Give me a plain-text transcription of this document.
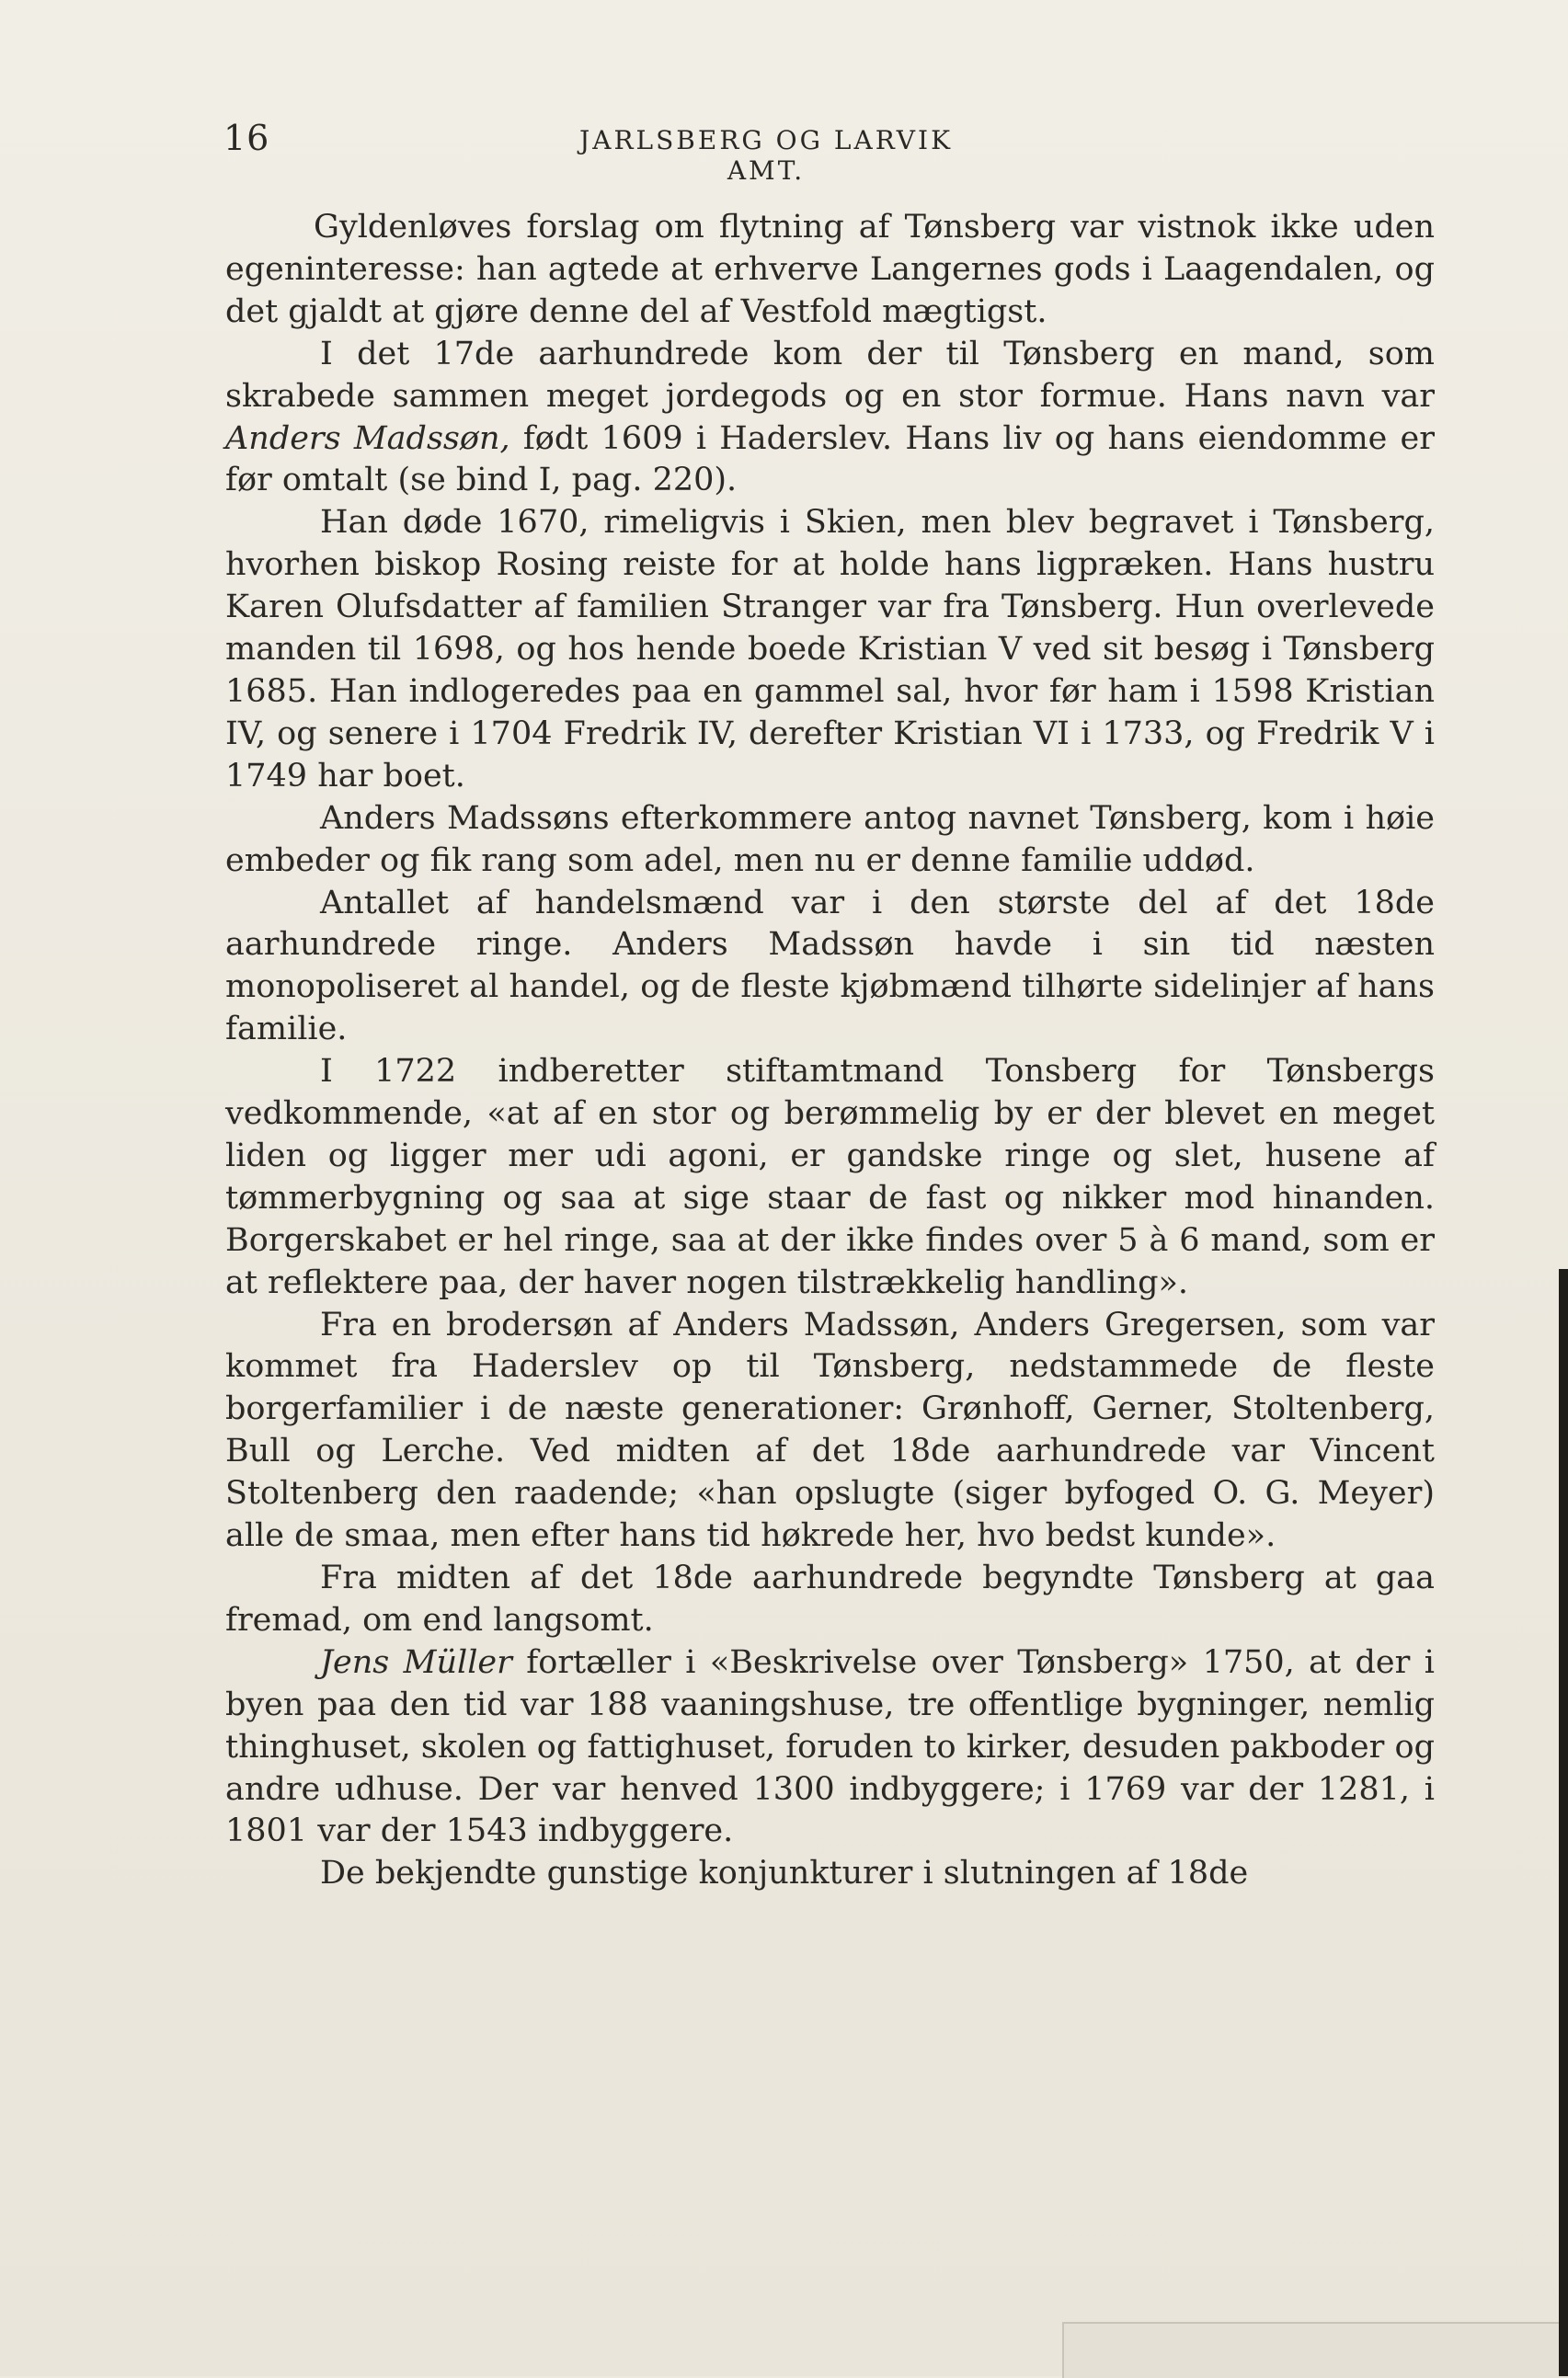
16	JARLSBERG OG LARVIK AMT.

Gyldenløves forslag om flytning af Tønsberg var vistnok ikke uden egeninteresse: han agtede at erhverve Langernes gods i Laagendalen, og det gjaldt at gjøre denne del af Vestfold mægtigst.

I det 17de aarhundrede kom der til Tønsberg en mand, som skrabede sammen meget jordegods og en stor formue. Hans navn var Anders Madssøn, født 1609 i Haderslev. Hans liv og hans eiendomme er før omtalt (se bind I, pag. 220).

Han døde 1670, rimeligvis i Skien, men blev begravet i Tønsberg, hvorhen biskop Rosing reiste for at holde hans ligpræken. Hans hustru Karen Olufsdatter af familien Stranger var fra Tønsberg. Hun overlevede manden til 1698, og hos hende boede Kristian V ved sit besøg i Tønsberg 1685. Han indlogeredes paa en gammel sal, hvor før ham i 1598 Kristian IV, og senere i 1704 Fredrik IV, derefter Kristian VI i 1733, og Fredrik V i 1749 har boet.

Anders Madssøns efterkommere antog navnet Tønsberg, kom i høie embeder og fik rang som adel, men nu er denne familie uddød.

Antallet af handelsmænd var i den største del af det 18de aarhundrede ringe. Anders Madssøn havde i sin tid næsten monopoliseret al handel, og de fleste kjøbmænd tilhørte sidelinjer af hans familie.

I 1722 indberetter stiftamtmand Tonsberg for Tønsbergs vedkommende, «at af en stor og berømmelig by er der blevet en meget liden og ligger mer udi agoni, er gandske ringe og slet, husene af tømmerbygning og saa at sige staar de fast og nikker mod hinanden. Borgerskabet er hel ringe, saa at der ikke findes over 5 à 6 mand, som er at reflektere paa, der haver nogen tilstrækkelig handling».

Fra en brodersøn af Anders Madssøn, Anders Gregersen, som var kommet fra Haderslev op til Tønsberg, nedstammede de fleste borgerfamilier i de næste generationer: Grønhoff, Gerner, Stoltenberg, Bull og Lerche. Ved midten af det 18de aarhundrede var Vincent Stoltenberg den raadende; «han opslugte (siger byfoged O. G. Meyer) alle de smaa, men efter hans tid høkrede her, hvo bedst kunde».

Fra midten af det 18de aarhundrede begyndte Tønsberg at gaa fremad, om end langsomt.

Jens Müller fortæller i «Beskrivelse over Tønsberg» 1750, at der i byen paa den tid var 188 vaaningshuse, tre offentlige bygninger, nemlig thinghuset, skolen og fattighuset, foruden to kirker, desuden pakboder og andre udhuse. Der var henved 1300 indbyggere; i 1769 var der 1281, i 1801 var der 1543 indbyggere.

De bekjendte gunstige konjunkturer i slutningen af 18de
